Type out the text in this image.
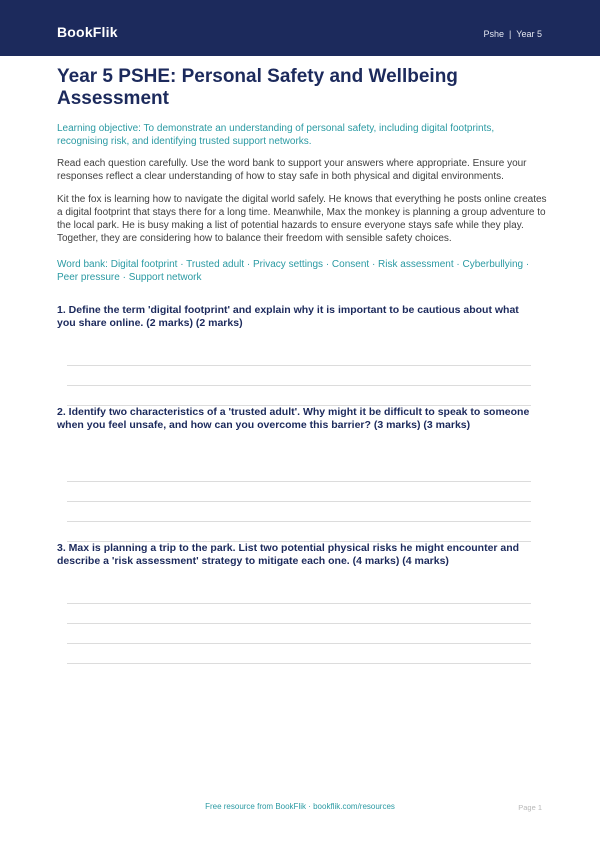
BookFlik	Pshe | Year 5
Year 5 PSHE: Personal Safety and Wellbeing Assessment

Learning objective: To demonstrate an understanding of personal safety, including digital footprints, recognising risk, and identifying trusted support networks.

Read each question carefully. Use the word bank to support your answers where appropriate. Ensure your responses reflect a clear understanding of how to stay safe in both physical and digital environments.

Kit the fox is learning how to navigate the digital world safely. He knows that everything he posts online creates a digital footprint that stays there for a long time. Meanwhile, Max the monkey is planning a group adventure to the local park. He is busy making a list of potential hazards to ensure everyone stays safe while they play. Together, they are considering how to balance their freedom with sensible safety choices.

Word bank: Digital footprint · Trusted adult · Privacy settings · Consent · Risk assessment · Cyberbullying · Peer pressure · Support network

1. Define the term 'digital footprint' and explain why it is important to be cautious about what you share online. (2 marks) (2 marks)

2. Identify two characteristics of a 'trusted adult'. Why might it be difficult to speak to someone when you feel unsafe, and how can you overcome this barrier? (3 marks) (3 marks)

3. Max is planning a trip to the park. List two potential physical risks he might encounter and describe a 'risk assessment' strategy to mitigate each one. (4 marks) (4 marks)

Free resource from BookFlik · bookflik.com/resources	Page 1
